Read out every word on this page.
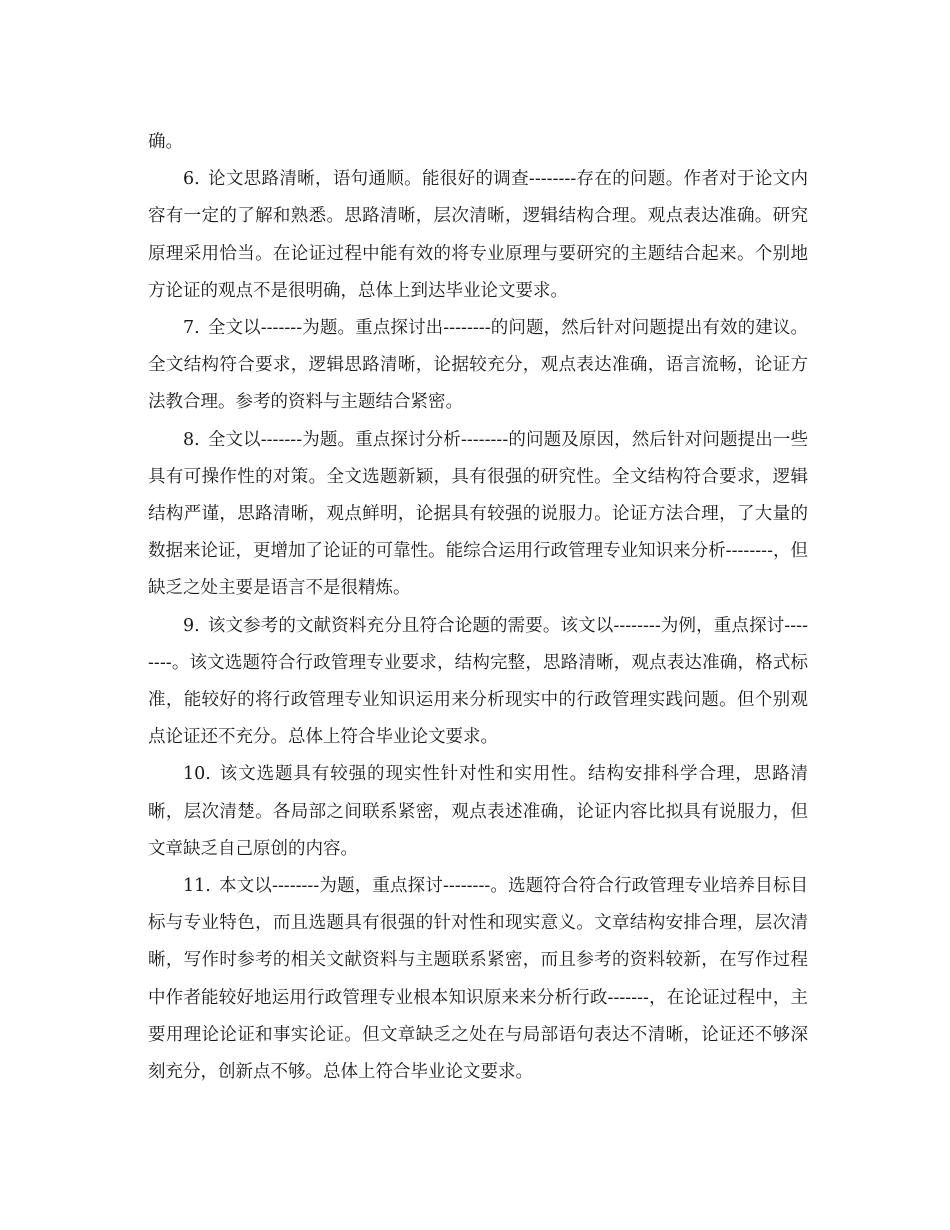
确。

6. 论文思路清晰，语句通顺。能很好的调查--------存在的问题。作者对于论文内容有一定的了解和熟悉。思路清晰，层次清晰，逻辑结构合理。观点表达准确。研究原理采用恰当。在论证过程中能有效的将专业原理与要研究的主题结合起来。个别地方论证的观点不是很明确，总体上到达毕业论文要求。

7. 全文以-------为题。重点探讨出--------的问题，然后针对问题提出有效的建议。全文结构符合要求，逻辑思路清晰，论据较充分，观点表达准确，语言流畅，论证方法教合理。参考的资料与主题结合紧密。

8. 全文以-------为题。重点探讨分析--------的问题及原因，然后针对问题提出一些具有可操作性的对策。全文选题新颖，具有很强的研究性。全文结构符合要求，逻辑结构严谨，思路清晰，观点鲜明，论据具有较强的说服力。论证方法合理，了大量的数据来论证，更增加了论证的可靠性。能综合运用行政管理专业知识来分析--------，但缺乏之处主要是语言不是很精炼。

9. 该文参考的文献资料充分且符合论题的需要。该文以--------为例，重点探讨--------。该文选题符合行政管理专业要求，结构完整，思路清晰，观点表达准确，格式标准，能较好的将行政管理专业知识运用来分析现实中的行政管理实践问题。但个别观点论证还不充分。总体上符合毕业论文要求。

10. 该文选题具有较强的现实性针对性和实用性。结构安排科学合理，思路清晰，层次清楚。各局部之间联系紧密，观点表述准确，论证内容比拟具有说服力，但文章缺乏自己原创的内容。

11. 本文以--------为题，重点探讨--------。选题符合符合行政管理专业培养目标目标与专业特色，而且选题具有很强的针对性和现实意义。文章结构安排合理，层次清晰，写作时参考的相关文献资料与主题联系紧密，而且参考的资料较新，在写作过程中作者能较好地运用行政管理专业根本知识原来来分析行政-------，在论证过程中，主要用理论论证和事实论证。但文章缺乏之处在与局部语句表达不清晰，论证还不够深刻充分，创新点不够。总体上符合毕业论文要求。
